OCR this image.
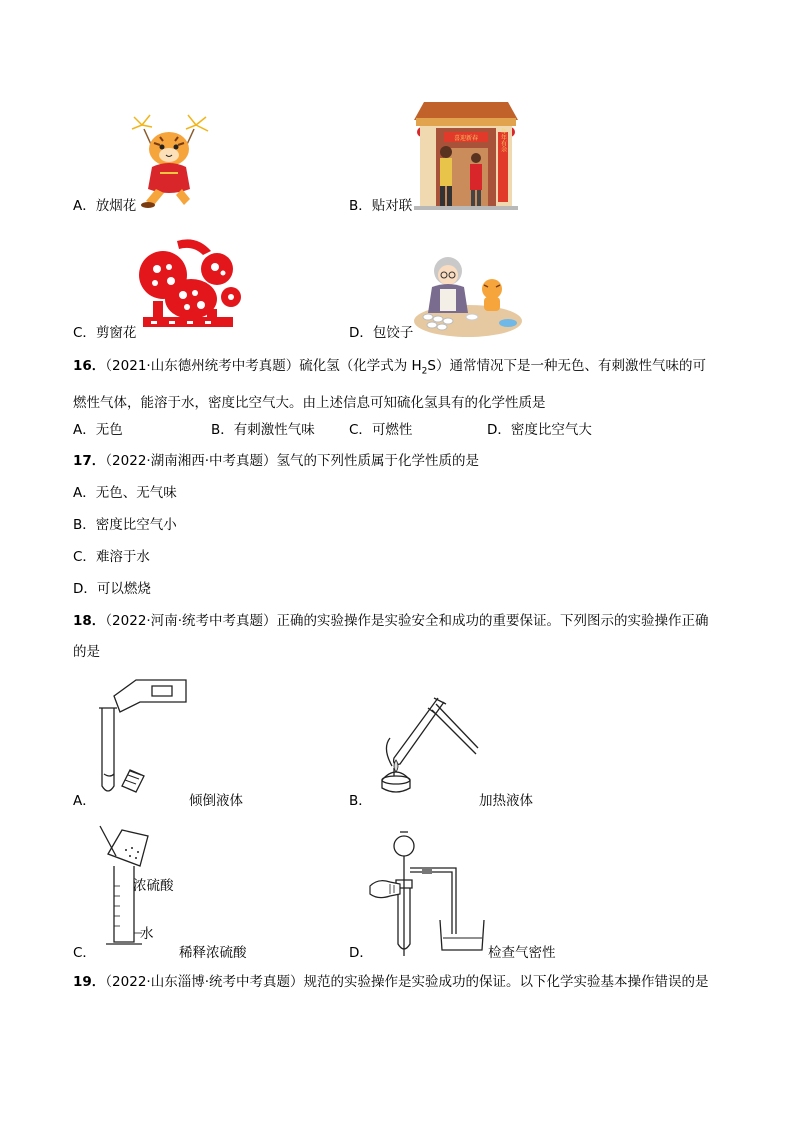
A．放烟花
喜迎新春	年年有余
B．贴对联
C．剪窗花	D．包饺子
16．（2021·山东德州统考中考真题）硫化氢（化学式为 $H_2S$）通常情况下是一种无色、有刺激性气味的可
燃性气体，能溶于水，密度比空气大。由上述信息可知硫化氢具有的化学性质是
A．无色	B．有刺激性气味	C．可燃性	D．密度比空气大
17．（2022·湖南湘西·中考真题）氢气的下列性质属于化学性质的是
A．无色、无气味
B．密度比空气小
C．难溶于水
D．可以燃烧
18．（2022·河南·统考中考真题）正确的实验操作是实验安全和成功的重要保证。下列图示的实验操作正确
的是
A．	倾倒液体	B．	加热液体
浓硫酸
水
C．	稀释浓硫酸	D．	检查气密性
19．（2022·山东淄博·统考中考真题）规范的实验操作是实验成功的保证。以下化学实验基本操作错误的是
